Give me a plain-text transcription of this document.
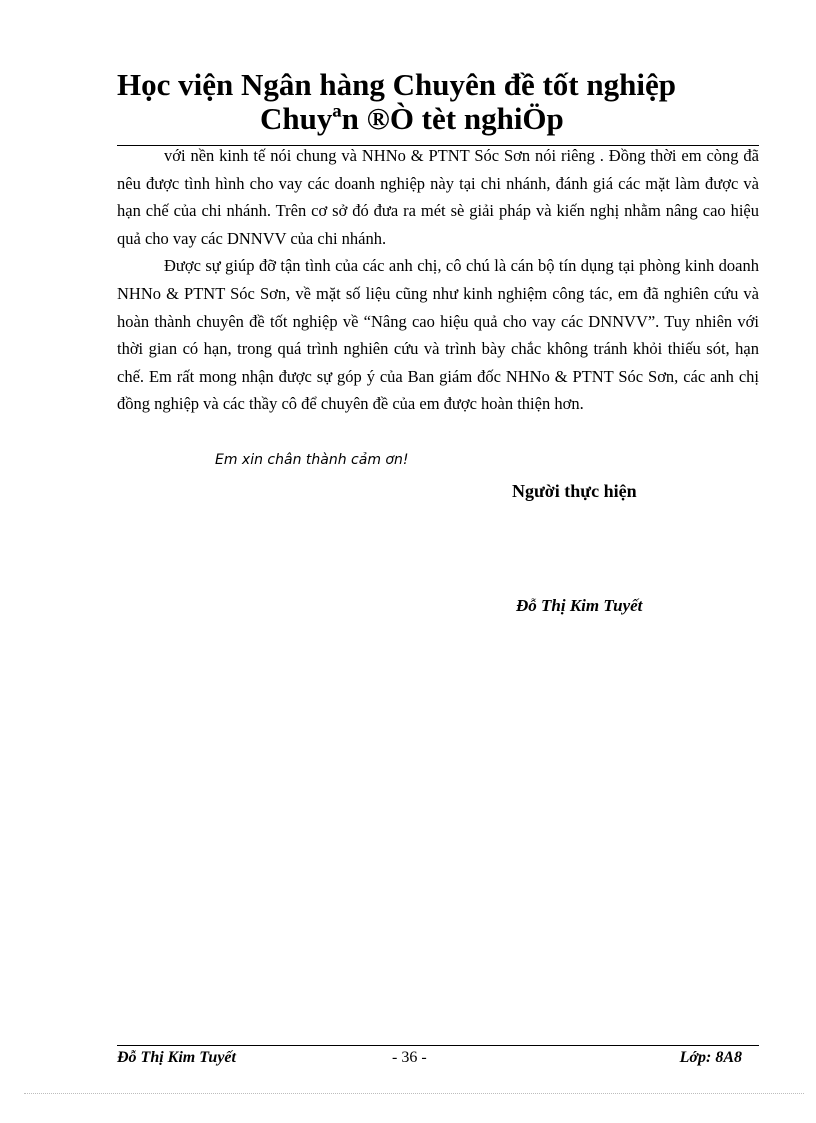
Học viện Ngân hàng Chuyên đề tốt nghiệp
Chuyªn ®Ò tèt nghiÖp

với nền kinh tế nói chung và NHNo & PTNT Sóc Sơn nói riêng . Đồng thời em còng đã nêu được tình hình cho vay các doanh nghiệp này tại chi nhánh, đánh giá các mặt làm được và hạn chế của chi nhánh. Trên cơ sở đó đưa ra mét sè giải pháp và kiến nghị nhằm nâng cao hiệu quả cho vay các DNNVV của chi nhánh.

Được sự giúp đỡ tận tình của các anh chị, cô chú là cán bộ tín dụng tại phòng kinh doanh NHNo & PTNT Sóc Sơn, về mặt số liệu cũng như kinh nghiệm công tác, em đã nghiên cứu và hoàn thành chuyên đề tốt nghiệp về “Nâng cao hiệu quả cho vay các DNNVV”. Tuy nhiên với thời gian có hạn, trong quá trình nghiên cứu và trình bày chắc không tránh khỏi thiếu sót, hạn chế. Em rất mong nhận được sự góp ý của Ban giám đốc NHNo & PTNT Sóc Sơn, các anh chị đồng nghiệp và các thầy cô để chuyên đề của em được hoàn thiện hơn.

Em xin chân thành cảm ơn!
Người thực hiện
Đỗ Thị Kim Tuyết
Đỗ Thị Kim Tuyết	- 36 -	Lớp: 8A8
